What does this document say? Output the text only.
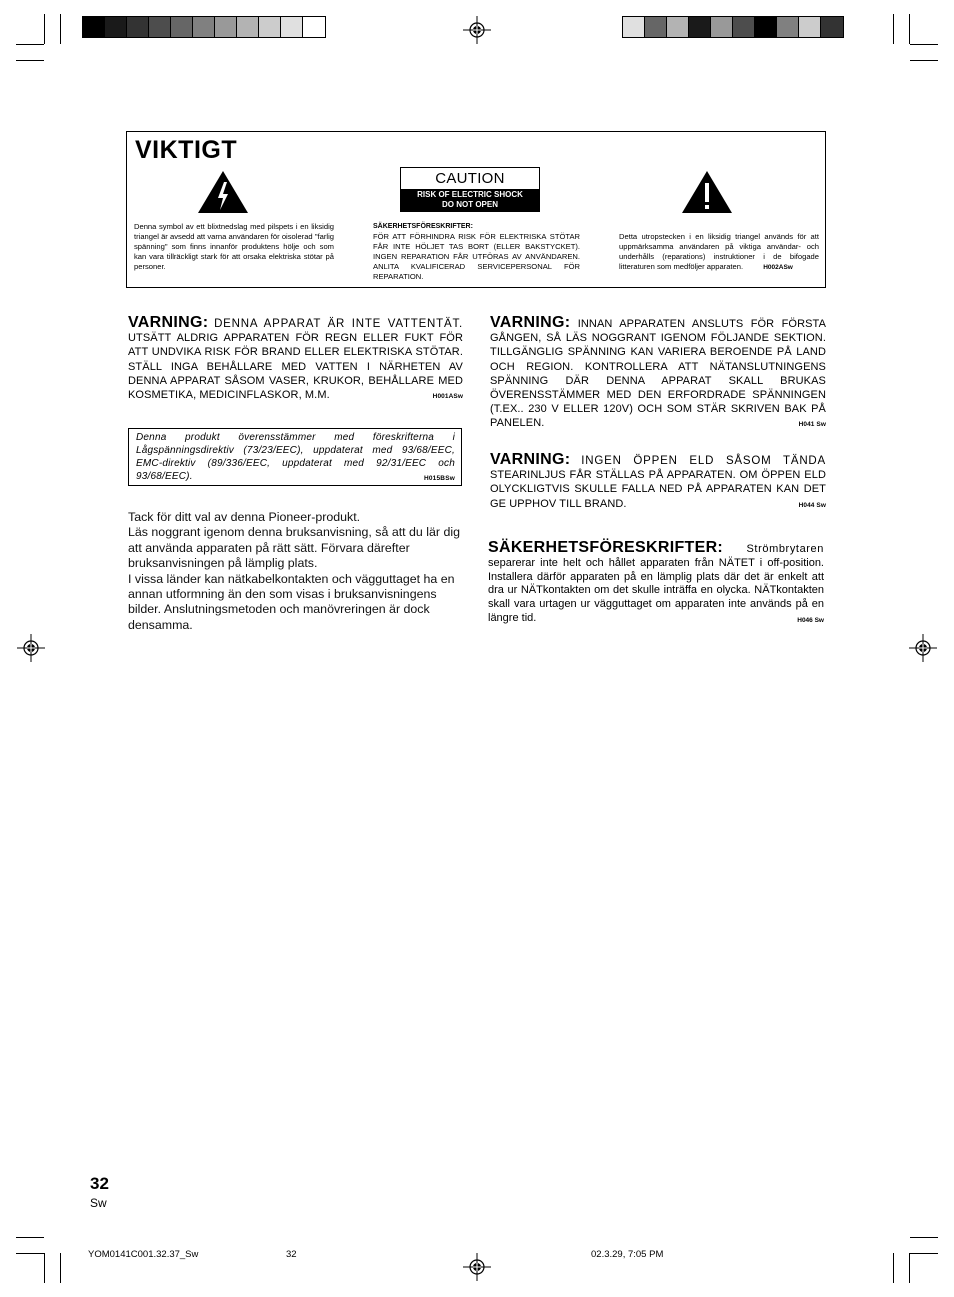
VIKTIGT
Denna symbol av ett blixtnedslag med pilspets i en liksidig triangel är avsedd att varna användaren för oisolerad "farlig spänning" som finns innanför produktens hölje och som kan vara tillräckligt stark för att orsaka elektriska stötar på personer.
CAUTION
RISK OF ELECTRIC SHOCK
DO NOT OPEN
SÄKERHETSFÖRESKRIFTER:
FÖR ATT FÖRHINDRA RISK FÖR ELEKTRISKA STÖTAR FÅR INTE HÖLJET TAS BORT (ELLER BAKSTYCKET). INGEN REPARATION FÅR UTFÖRAS AV ANVÄNDAREN. ANLITA KVALIFICERAD SERVICEPERSONAL FÖR REPARATION.
Detta utropstecken i en liksidig triangel används för att uppmärksamma användaren på viktiga användar- och underhålls (reparations) instruktioner i de bifogade litteraturen som medföljer apparaten.	H002ASw
VARNING: DENNA APPARAT ÄR INTE VATTENTÄT. UTSÄTT ALDRIG APPARATEN FÖR REGN ELLER FUKT FÖR ATT UNDVIKA RISK FÖR BRAND ELLER ELEKTRISKA STÖTAR. STÄLL INGA BEHÅLLARE MED VATTEN I NÄRHETEN AV DENNA APPARAT SÅSOM VASER, KRUKOR, BEHÅLLARE MED KOSMETIKA, MEDICINFLASKOR, M.M.	H001ASw
Denna produkt överensstämmer med föreskrifterna i Lågspänningsdirektiv (73/23/EEC), uppdaterat med 93/68/EEC, EMC-direktiv (89/336/EEC, uppdaterat med 92/31/EEC och 93/68/EEC).	H015BSw
Tack för ditt val av denna Pioneer-produkt.
Läs noggrant igenom denna bruksanvisning, så att du lär dig att använda apparaten på rätt sätt. Förvara därefter bruksanvisningen på lämplig plats.
I vissa länder kan nätkabelkontakten och vägguttaget ha en annan utformning än den som visas i bruksanvisningens bilder. Anslutningsmetoden och manövreringen är dock densamma.
VARNING: INNAN APPARATEN ANSLUTS FÖR FÖRSTA GÅNGEN, SÅ LÄS NOGGRANT IGENOM FÖLJANDE SEKTION. TILLGÄNGLIG SPÄNNING KAN VARIERA BEROENDE PÅ LAND OCH REGION. KONTROLLERA ATT NÄTANSLUTNINGENS SPÄNNING DÄR DENNA APPARAT SKALL BRUKAS ÖVERENSSTÄMMER MED DEN ERFORDRADE SPÄNNINGEN (T.EX.. 230 V ELLER 120V) OCH SOM STÄR SKRIVEN BAK PÅ PANELEN.	H041 Sw
VARNING: INGEN ÖPPEN ELD SÅSOM TÄNDA STEARINLJUS FÅR STÄLLAS PÅ APPARATEN. OM ÖPPEN ELD OLYCKLIGTVIS SKULLE FALLA NED PÅ APPARATEN KAN DET GE UPPHOV TILL BRAND.	H044 Sw
SÄKERHETSFÖRESKRIFTER: Strömbrytaren separerar inte helt och hållet apparaten från NÄTET i off-position. Installera därför apparaten på en lämplig plats där det är enkelt att dra ur NÄTkontakten om det skulle inträffa en olycka. NÄTkontakten skall vara urtagen ur vägguttaget om apparaten inte används på en längre tid.	H046 Sw
32
Sw
YOM0141C001.32.37_Sw	32	02.3.29, 7:05 PM
